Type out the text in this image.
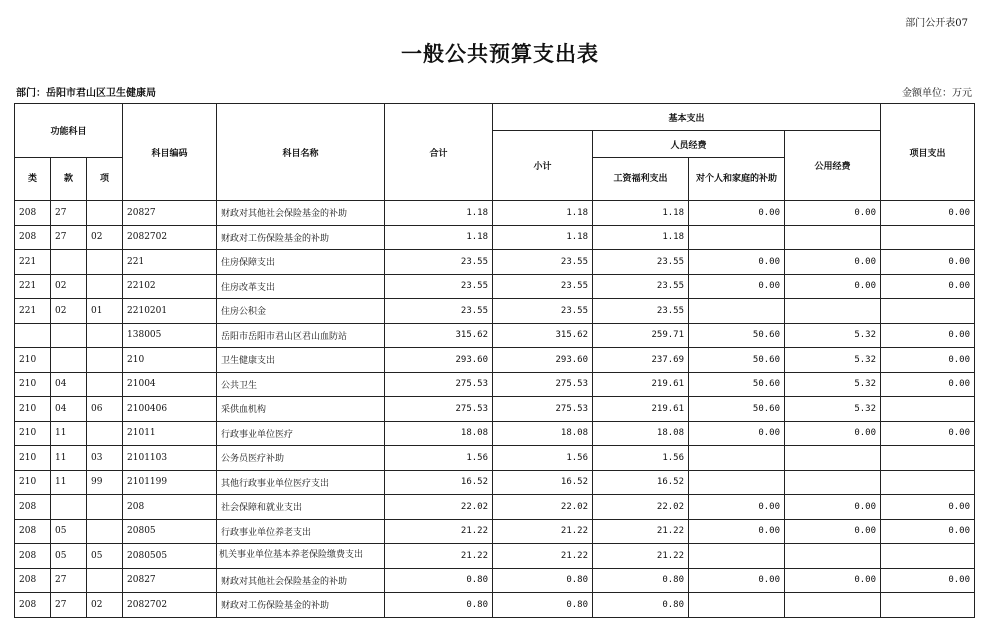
部门公开表07
一般公共预算支出表
部门：岳阳市君山区卫生健康局	金额单位：万元
功能科目			科目编码	科目名称	合计	基本支出				项目支出
						小计	人员经费		公用经费	
类	款	项					工资福利支出	对个人和家庭的补助		
208	27		20827	财政对其他社会保险基金的补助	1.18	1.18	1.18	0.00	0.00	0.00
208	27	02	2082702	财政对工伤保险基金的补助	1.18	1.18	1.18			
221			221	住房保障支出	23.55	23.55	23.55	0.00	0.00	0.00
221	02		22102	住房改革支出	23.55	23.55	23.55	0.00	0.00	0.00
221	02	01	2210201	住房公积金	23.55	23.55	23.55			
			138005	岳阳市岳阳市君山区君山血防站	315.62	315.62	259.71	50.60	5.32	0.00
210			210	卫生健康支出	293.60	293.60	237.69	50.60	5.32	0.00
210	04		21004	公共卫生	275.53	275.53	219.61	50.60	5.32	0.00
210	04	06	2100406	采供血机构	275.53	275.53	219.61	50.60	5.32	
210	11		21011	行政事业单位医疗	18.08	18.08	18.08	0.00	0.00	0.00
210	11	03	2101103	公务员医疗补助	1.56	1.56	1.56			
210	11	99	2101199	其他行政事业单位医疗支出	16.52	16.52	16.52			
208			208	社会保障和就业支出	22.02	22.02	22.02	0.00	0.00	0.00
208	05		20805	行政事业单位养老支出	21.22	21.22	21.22	0.00	0.00	0.00
208	05	05	2080505	机关事业单位基本养老保险缴费支出	21.22	21.22	21.22			
208	27		20827	财政对其他社会保险基金的补助	0.80	0.80	0.80	0.00	0.00	0.00
208	27	02	2082702	财政对工伤保险基金的补助	0.80	0.80	0.80			
